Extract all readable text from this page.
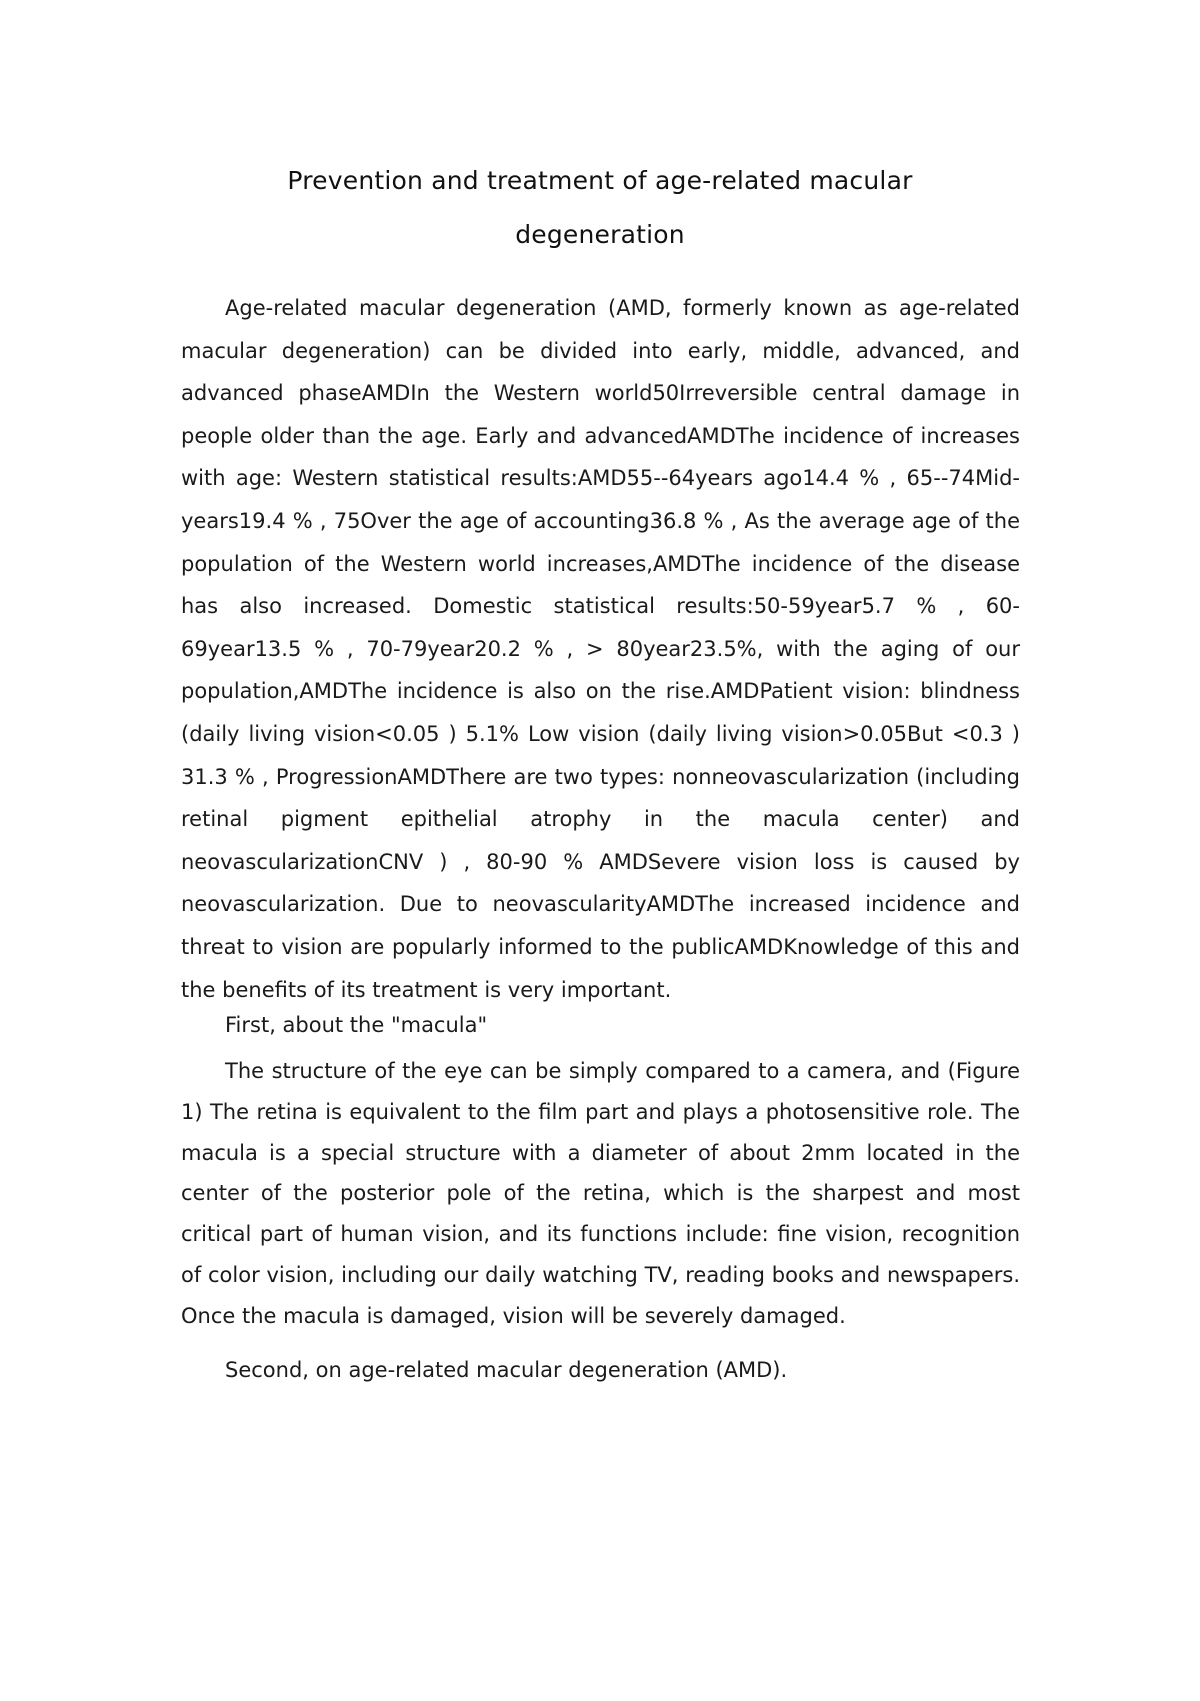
Prevention and treatment of age-related macular
degeneration

Age-related macular degeneration (AMD, formerly known as age-related macular degeneration) can be divided into early, middle, advanced, and advanced phaseAMDIn the Western world50Irreversible central damage in people older than the age. Early and advancedAMDThe incidence of increases with age: Western statistical results:AMD55--64years ago14.4 % , 65--74Mid-years19.4 % , 75Over the age of accounting36.8 % , As the average age of the population of the Western world increases,AMDThe incidence of the disease has also increased. Domestic statistical results:50-59year5.7 % , 60-69year13.5 % , 70-79year20.2 % , > 80year23.5%, with the aging of our population,AMDThe incidence is also on the rise.AMDPatient vision: blindness (daily living vision<0.05 ) 5.1% Low vision (daily living vision>0.05But <0.3 ) 31.3 % , ProgressionAMDThere are two types: nonneovascularization (including retinal pigment epithelial atrophy in the macula center) and neovascularizationCNV ) , 80-90 % AMDSevere vision loss is caused by neovascularization. Due to neovascularityAMDThe increased incidence and threat to vision are popularly informed to the publicAMDKnowledge of this and the benefits of its treatment is very important.

First, about the "macula"

The structure of the eye can be simply compared to a camera, and (Figure 1) The retina is equivalent to the film part and plays a photosensitive role. The macula is a special structure with a diameter of about 2mm located in the center of the posterior pole of the retina, which is the sharpest and most critical part of human vision, and its functions include: fine vision, recognition of color vision, including our daily watching TV, reading books and newspapers. Once the macula is damaged, vision will be severely damaged.

Second, on age-related macular degeneration (AMD).
